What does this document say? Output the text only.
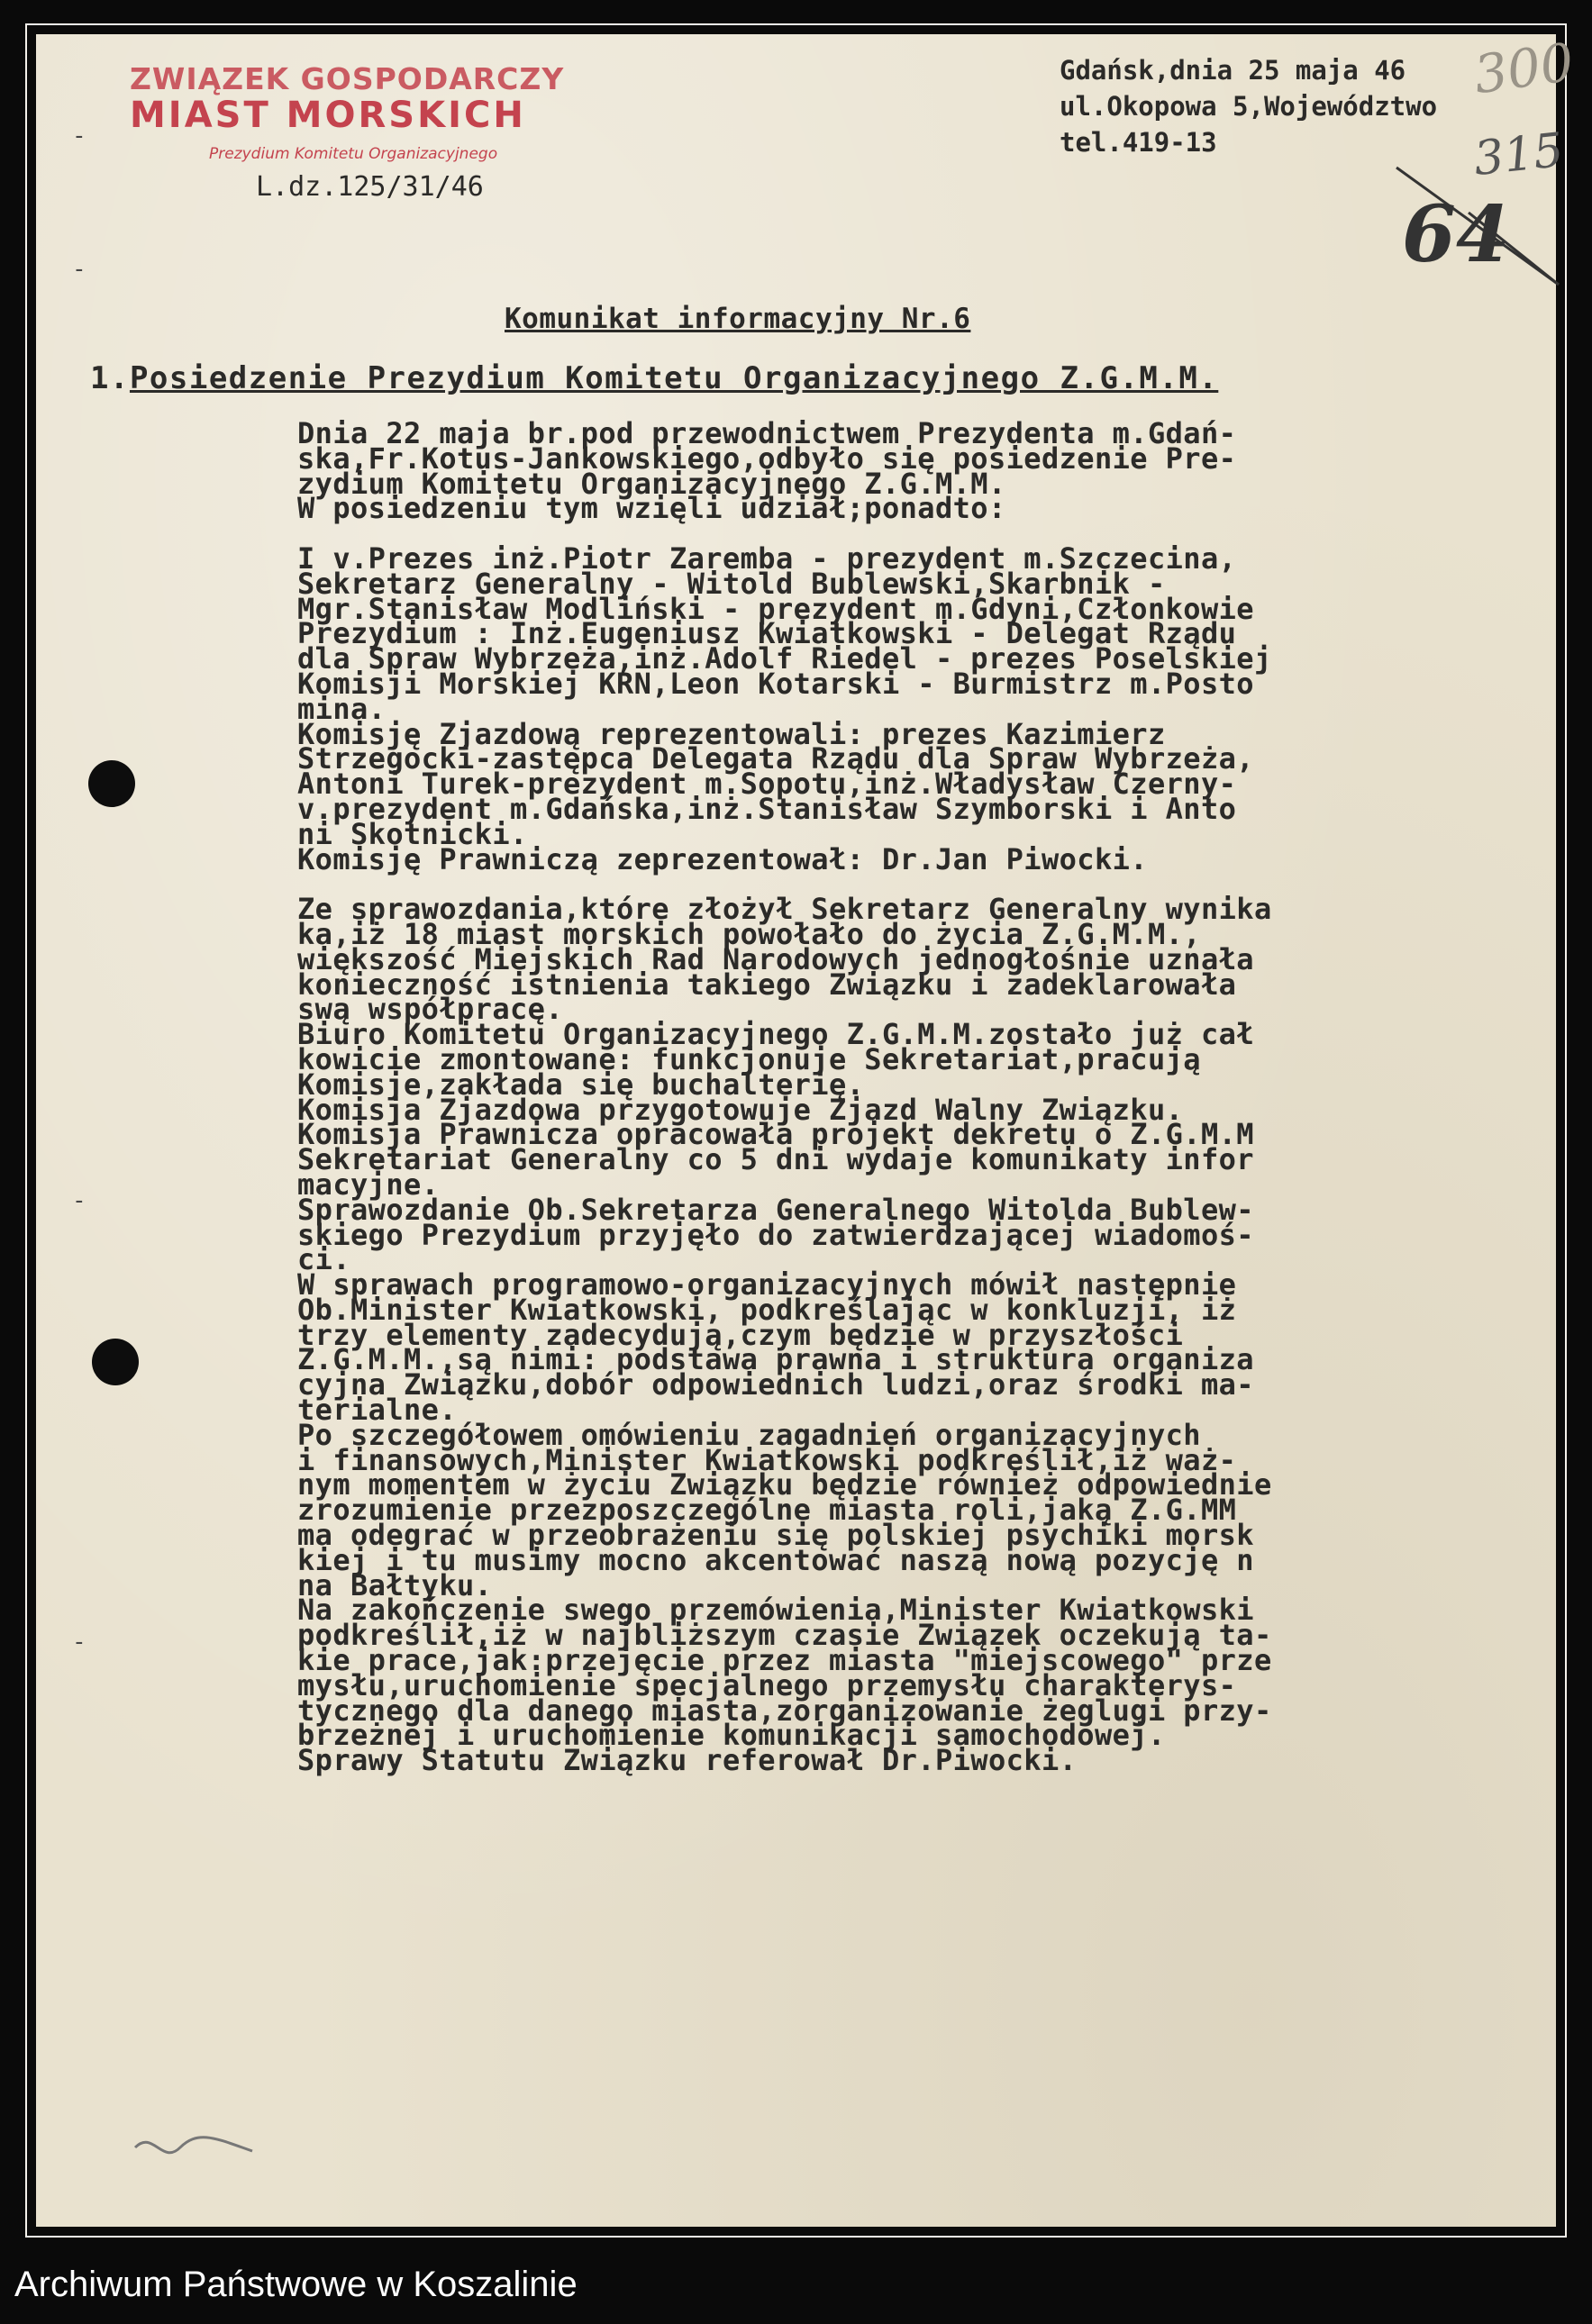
ZWIĄZEK GOSPODARCZY
MIAST MORSKICH
Prezydium Komitetu Organizacyjnego
L.dz.125/31/46
Gdańsk,dnia 25 maja 46
ul.Okopowa 5,Województwo
tel.419-13
300
315
64
Komunikat informacyjny Nr.6
1.Posiedzenie Prezydium Komitetu Organizacyjnego Z.G.M.M.
Dnia 22 maja br.pod przewodnictwem Prezydenta m.Gdań-
ska,Fr.Kotus-Jankowskiego,odbyło się posiedzenie Pre-
zydium Komitetu Organizacyjnego Z.G.M.M.
W posiedzeniu tym wzięli udział;ponadto:
I v.Prezes inż.Piotr Zaremba - prezydent m.Szczecina,
Sekretarz Generalny - Witold Bublewski,Skarbnik -
Mgr.Stanisław Modliński - prezydent m.Gdyni,Członkowie
Prezydium : Inż.Eugeniusz Kwiatkowski - Delegat Rządu
dla Spraw Wybrzeża,inż.Adolf Riedel - prezes Poselskiej
Komisji Morskiej KRN,Leon Kotarski - Burmistrz m.Posto
mina.
Komisję Zjazdową reprezentowali: prezes Kazimierz
Strzegocki-zastępca Delegata Rządu dla Spraw Wybrzeża,
Antoni Turek-prezydent m.Sopotu,inż.Władysław Czerny-
v.prezydent m.Gdańska,inż.Stanisław Szymborski i Anto
ni Skotnicki.
Komisję Prawniczą zeprezentował: Dr.Jan Piwocki.
Ze sprawozdania,które złożył Sekretarz Generalny wynika
ka,iż 18 miast morskich powołało do życia Z.G.M.M.,
większość Miejskich Rad Narodowych jednogłośnie uznała
konieczność istnienia takiego Związku i zadeklarowała
swą współpracę.
Biuro Komitetu Organizacyjnego Z.G.M.M.zostało już cał
kowicie zmontowane: funkcjonuje Sekretariat,pracują
Komisje,zakłada się buchalterię.
Komisja Zjazdowa przygotowuje Zjazd Walny Związku.
Komisja Prawnicza opracowała projekt dekretu o Z.G.M.M
Sekretariat Generalny co 5 dni wydaje komunikaty infor
macyjne.
Sprawozdanie Ob.Sekretarza Generalnego Witolda Bublew-
skiego Prezydium przyjęło do zatwierdzającej wiadomoś-
ci.
W sprawach programowo-organizacyjnych mówił następnie
Ob.Minister Kwiatkowski, podkreślając w konkluzji, iż
trzy elementy zadecydują,czym będzie w przyszłości
Z.G.M.M.,są nimi: podstawa prawna i struktura organiza
cyjna Związku,dobór odpowiednich ludzi,oraz środki ma-
terialne.
Po szczegółowem omówieniu zagadnień organizacyjnych
i finansowych,Minister Kwiatkowski podkreślił,iż waż-
nym momentem w życiu Związku będzie również odpowiednie
zrozumienie przezposzczególne miasta roli,jaką Z.G.MM
ma odegrać w przeobrażeniu się polskiej psychiki morsk
kiej i tu musimy mocno akcentować naszą nową pozycję n
na Bałtyku.
Na zakończenie swego przemówienia,Minister Kwiatkowski
podkreślił,iż w najbliższym czasie Związek oczekują ta-
kie prace,jak:przejęcie przez miasta "miejscowego" prze
mysłu,uruchomienie specjalnego przemysłu charakterys-
tycznego dla danego miasta,zorganizowanie żeglugi przy-
brzeżnej i uruchomienie komunikacji samochodowej.
Sprawy Statutu Związku referował Dr.Piwocki.
-
-
-
-
Archiwum Państwowe w Koszalinie
